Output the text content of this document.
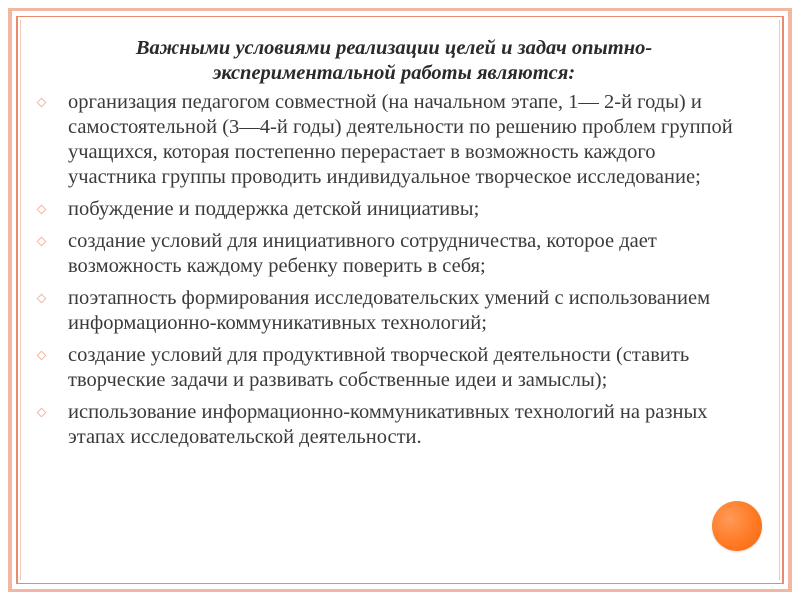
Важными условиями реализации целей и задач опытно-экспериментальной работы являются:
организация педагогом совместной (на начальном этапе, 1— 2-й годы) и самостоятельной (3—4-й годы) деятельности по решению проблем группой учащихся, которая постепенно перерастает в возможность каждого участника группы проводить индивидуальное творческое исследование;
побуждение и поддержка детской инициативы;
создание условий для инициативного сотрудничества, которое дает возможность каждому ребенку поверить в себя;
поэтапность формирования исследовательских умений с использованием информационно-коммуникативных технологий;
создание условий для продуктивной творческой деятельности (ставить творческие задачи и развивать собственные идеи и замыслы);
использование информационно-коммуникативных технологий на разных этапах исследовательской деятельности.
